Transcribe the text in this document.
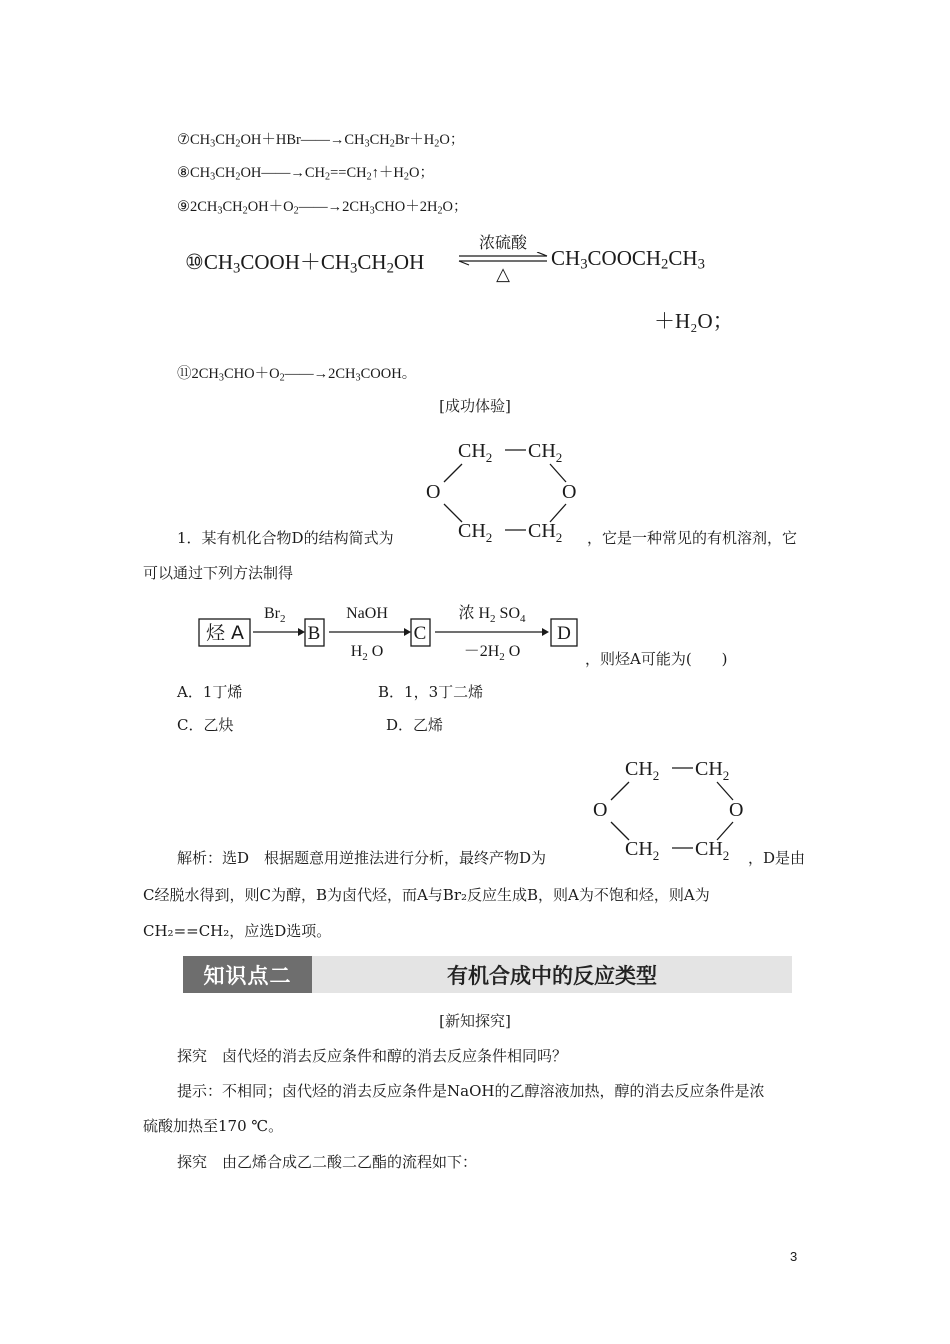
$⑦CH_3CH_2OH+HBr——\to CH_3CH_2Br+H_2O$；
$⑧CH_3CH_2OH——\to CH_2==CH_2↑+H_2O$；
$⑨2CH_3CH_2OH+O_2——\to 2CH_3CHO+2H_2O$；
$⑩CH_3COOH+CH_3CH_2OH$
浓硫酸
△
$CH_3COOCH_2CH_3$
＋H₂O；
$⑪2CH_3CHO+O_2——\to 2CH_3COOH$。
[成功体验]
$CH_2$ $CH_2$
O	O
$CH_2$ $CH_2$
1．某有机化合物D的结构简式为	，它是一种常见的有机溶剂，它
可以通过下列方法制得
烃 A
$Br_2$
B
NaOH
$H_2$ O
C
浓 $H_2$ $SO_4$
$-2H_2$ O
D
，则烃A可能为(　　)
A．1丁烯	B．1，3丁二烯
C．乙炔	D．乙烯
$CH_2$ $CH_2$
O	O
$CH_2$ $CH_2$
解析：选D　根据题意用逆推法进行分析，最终产物D为	，D是由
C经脱水得到，则C为醇，B为卤代烃，而A与Br₂反应生成B，则A为不饱和烃，则A为
CH₂==CH₂，应选D选项。
知识点二	有机合成中的反应类型
[新知探究]
探究　卤代烃的消去反应条件和醇的消去反应条件相同吗？
提示：不相同；卤代烃的消去反应条件是NaOH的乙醇溶液加热，醇的消去反应条件是浓
硫酸加热至170 ℃。
探究　由乙烯合成乙二酸二乙酯的流程如下：
3
